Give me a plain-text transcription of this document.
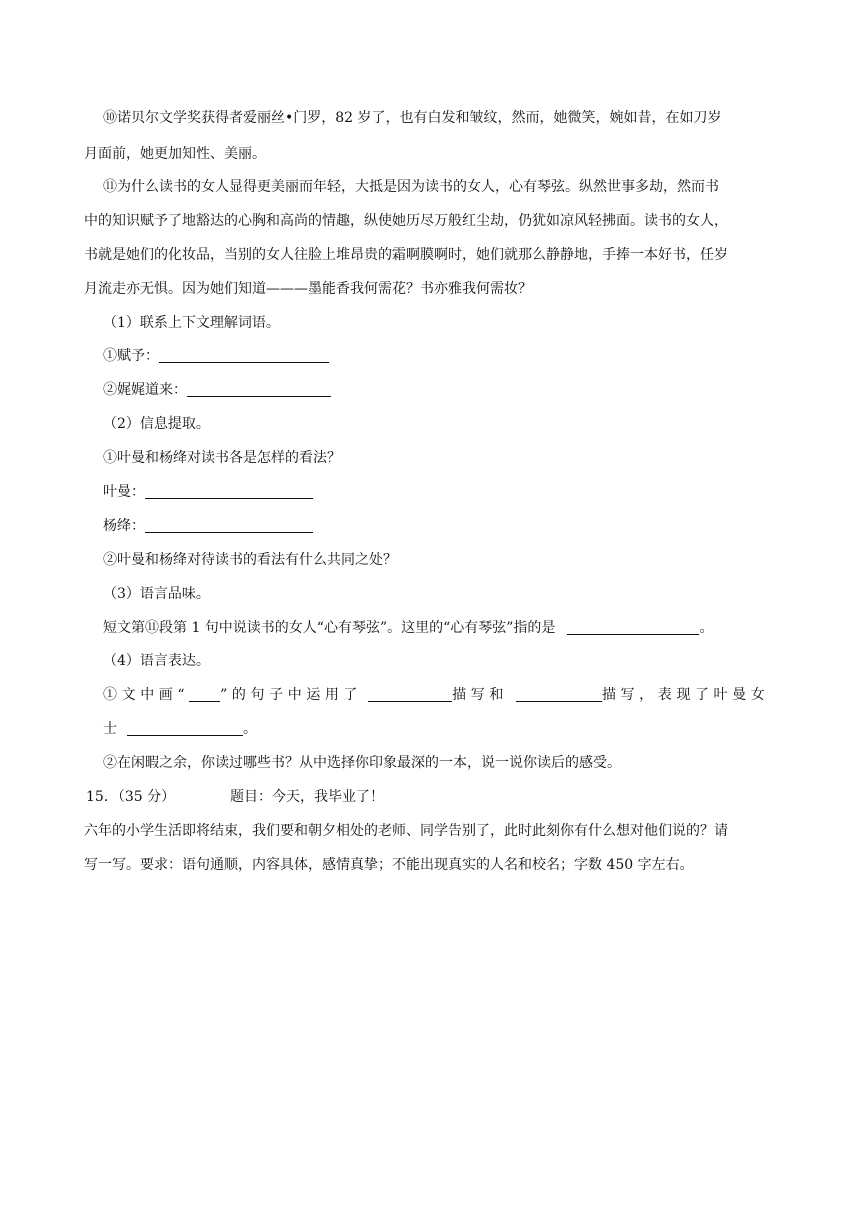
⑩诺贝尔文学奖获得者爱丽丝•门罗，82 岁了，也有白发和皱纹，然而，她微笑，婉如昔，在如刀岁
月面前，她更加知性、美丽。
⑪为什么读书的女人显得更美丽而年轻，大抵是因为读书的女人，心有琴弦。纵然世事多劫，然而书
中的知识赋予了地豁达的心胸和高尚的情趣，纵使她历尽万般红尘劫，仍犹如凉风轻拂面。读书的女人，
书就是她们的化妆品，当别的女人往脸上堆昂贵的霜啊膜啊时，她们就那么静静地，手捧一本好书，任岁
月流走亦无惧。因为她们知道———墨能香我何需花？书亦雅我何需妆？
（1）联系上下文理解词语。
①赋予：
②娓娓道来：
（2）信息提取。
①叶曼和杨绛对读书各是怎样的看法？
叶曼：
杨绛：
②叶曼和杨绛对待读书的看法有什么共同之处？
（3）语言品味。
短文第⑪段第 1 句中说读书的女人“心有琴弦”。这里的“心有琴弦”指的是	。
（4）语言表达。
①文中画“ ”的句子中运用了	描写和	描写，表现了叶曼女
士	。
②在闲暇之余，你读过哪些书？从中选择你印象最深的一本，说一说你读后的感受。
15．（35 分）	题目：今天，我毕业了！
六年的小学生活即将结束，我们要和朝夕相处的老师、同学告别了，此时此刻你有什么想对他们说的？请
写一写。要求：语句通顺，内容具体，感情真挚；不能出现真实的人名和校名；字数 450 字左右。
